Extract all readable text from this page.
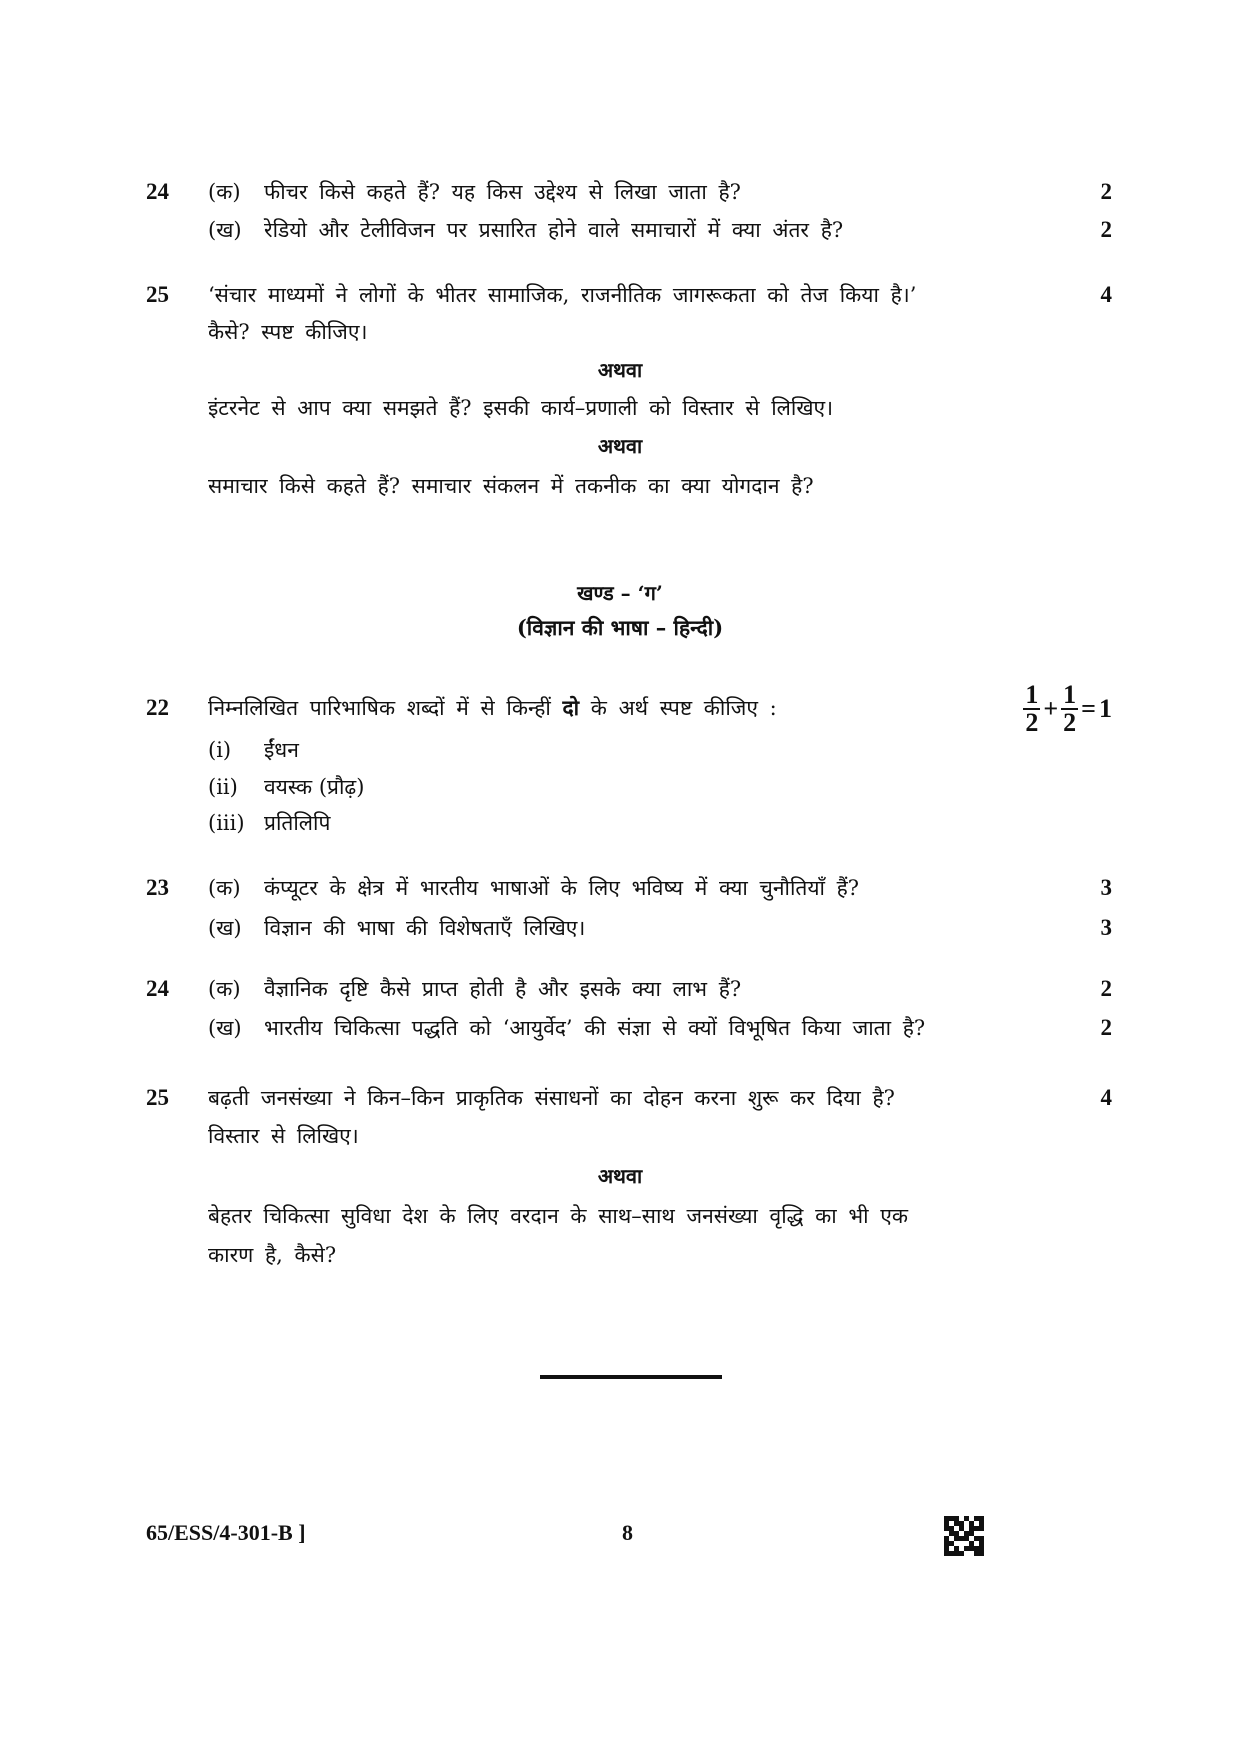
24 (क) फीचर किसे कहते हैं? यह किस उद्देश्य से लिखा जाता है?	2
(ख) रेडियो और टेलीविजन पर प्रसारित होने वाले समाचारों में क्या अंतर है?	2
25 ‘संचार माध्यमों ने लोगों के भीतर सामाजिक, राजनीतिक जागरूकता को तेज किया है।’	4
कैसे? स्पष्ट कीजिए।
अथवा
इंटरनेट से आप क्या समझते हैं? इसकी कार्य–प्रणाली को विस्तार से लिखिए।
अथवा
समाचार किसे कहते हैं? समाचार संकलन में तकनीक का क्या योगदान है?
खण्ड – ‘ग’
(विज्ञान की भाषा – हिन्दी)
22 निम्नलिखित पारिभाषिक शब्दों में से किन्हीं दो के अर्थ स्पष्ट कीजिए :	$\frac{1}{2} + \frac{1}{2} = 1$
(i) ईंधन
(ii) वयस्क (प्रौढ़)
(iii) प्रतिलिपि
23 (क) कंप्यूटर के क्षेत्र में भारतीय भाषाओं के लिए भविष्य में क्या चुनौतियाँ हैं?	3
(ख) विज्ञान की भाषा की विशेषताएँ लिखिए।	3
24 (क) वैज्ञानिक दृष्टि कैसे प्राप्त होती है और इसके क्या लाभ हैं?	2
(ख) भारतीय चिकित्सा पद्धति को ‘आयुर्वेद’ की संज्ञा से क्यों विभूषित किया जाता है?	2
25 बढ़ती जनसंख्या ने किन–किन प्राकृतिक संसाधनों का दोहन करना शुरू कर दिया है?	4
विस्तार से लिखिए।
अथवा
बेहतर चिकित्सा सुविधा देश के लिए वरदान के साथ–साथ जनसंख्या वृद्धि का भी एक
कारण है, कैसे?
65/ESS/4-301-B ]	8
